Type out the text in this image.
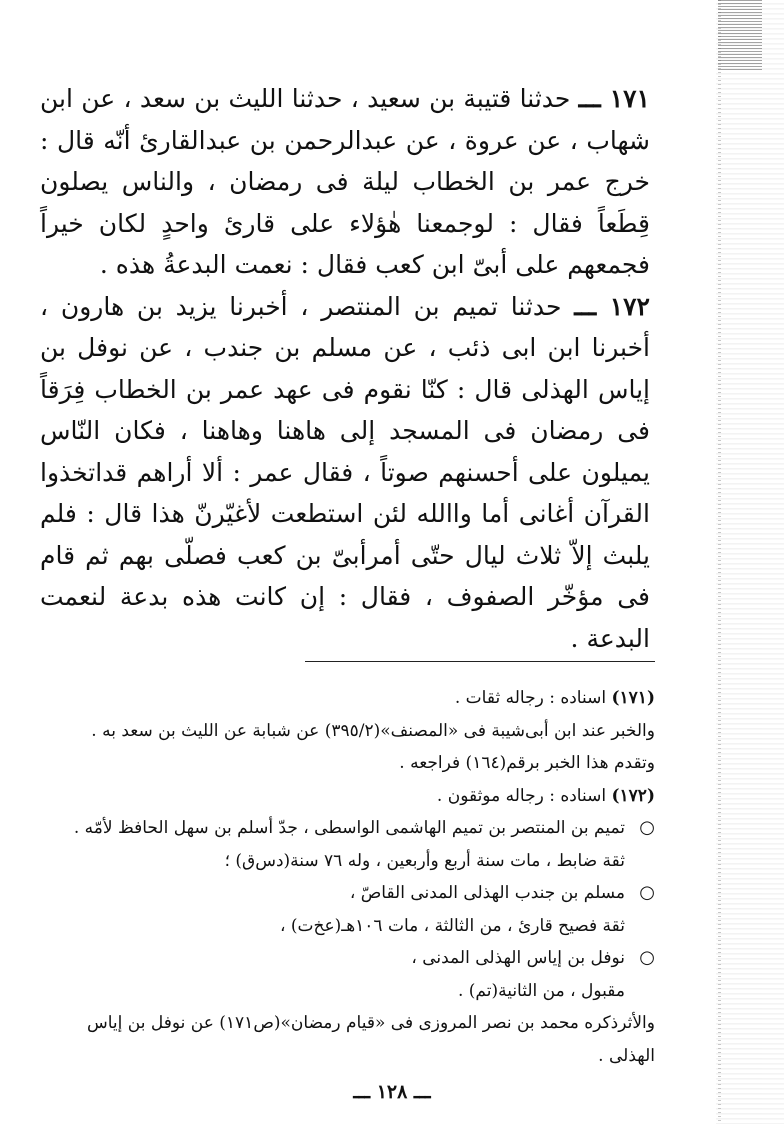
١٧١ ـــ حدثنا قتيبة بن سعيد ، حدثنا الليث بن سعد ، عن ابن شهاب ، عن عروة ، عن عبدالرحمن بن عبدالقارئ أنّه قال : خرج عمر بن الخطاب ليلة فى رمضان ، والناس يصلون قِطَعاً فقال : لوجمعنا هٰؤلاء على قارئ واحدٍ لكان خيراً فجمعهم على أبىّ ابن كعب فقال : نعمت البدعةُ هذه .

١٧٢ ـــ حدثنا تميم بن المنتصر ، أخبرنا يزيد بن هارون ، أخبرنا ابن ابى ذئب ، عن مسلم بن جندب ، عن نوفل بن إياس الهذلى قال : كنّا نقوم فى عهد عمر بن الخطاب فِرَقاً فى رمضان فى المسجد إلى هاهنا وهاهنا ، فكان النّاس يميلون على أحسنهم صوتاً ، فقال عمر : ألا أراهم قداتخذوا القرآن أغانى أما واالله لئن استطعت لأغيّرنّ هذا قال : فلم يلبث إلاّ ثلاث ليال حتّى أمرأبىّ بن كعب فصلّى بهم ثم قام فى مؤخّر الصفوف ، فقال : إن كانت هذه بدعة لنعمت البدعة .

(١٧١) اسناده : رجاله ثقات .
والخبر عند ابن أبى‌شيبة فى «المصنف»(٣٩٥/٢) عن شبابة عن الليث بن سعد به .
وتقدم هذا الخبر برقم(١٦٤) فراجعه .
(١٧٢) اسناده : رجاله موثقون .
○
تميم بن المنتصر بن تميم الهاشمى الواسطى ، جدّ أسلم بن سهل الحافظ لأمّه .
ثقة ضابط ، مات سنة أربع وأربعين ، وله ٧٦ سنة(دس‌ق) ؛
○
مسلم بن جندب الهذلى المدنى القاصّ ،
ثقة فصيح قارئ ، من الثالثة ، مات ١٠٦هـ(عخ‌ت) ،
○
نوفل بن إياس الهذلى المدنى ،
مقبول ، من الثانية(تم) .
والأثرذكره محمد بن نصر المروزى فى «قيام رمضان»(ص١٧١) عن نوفل بن إياس
الهذلى .
ـــ ١٢٨ ـــ
